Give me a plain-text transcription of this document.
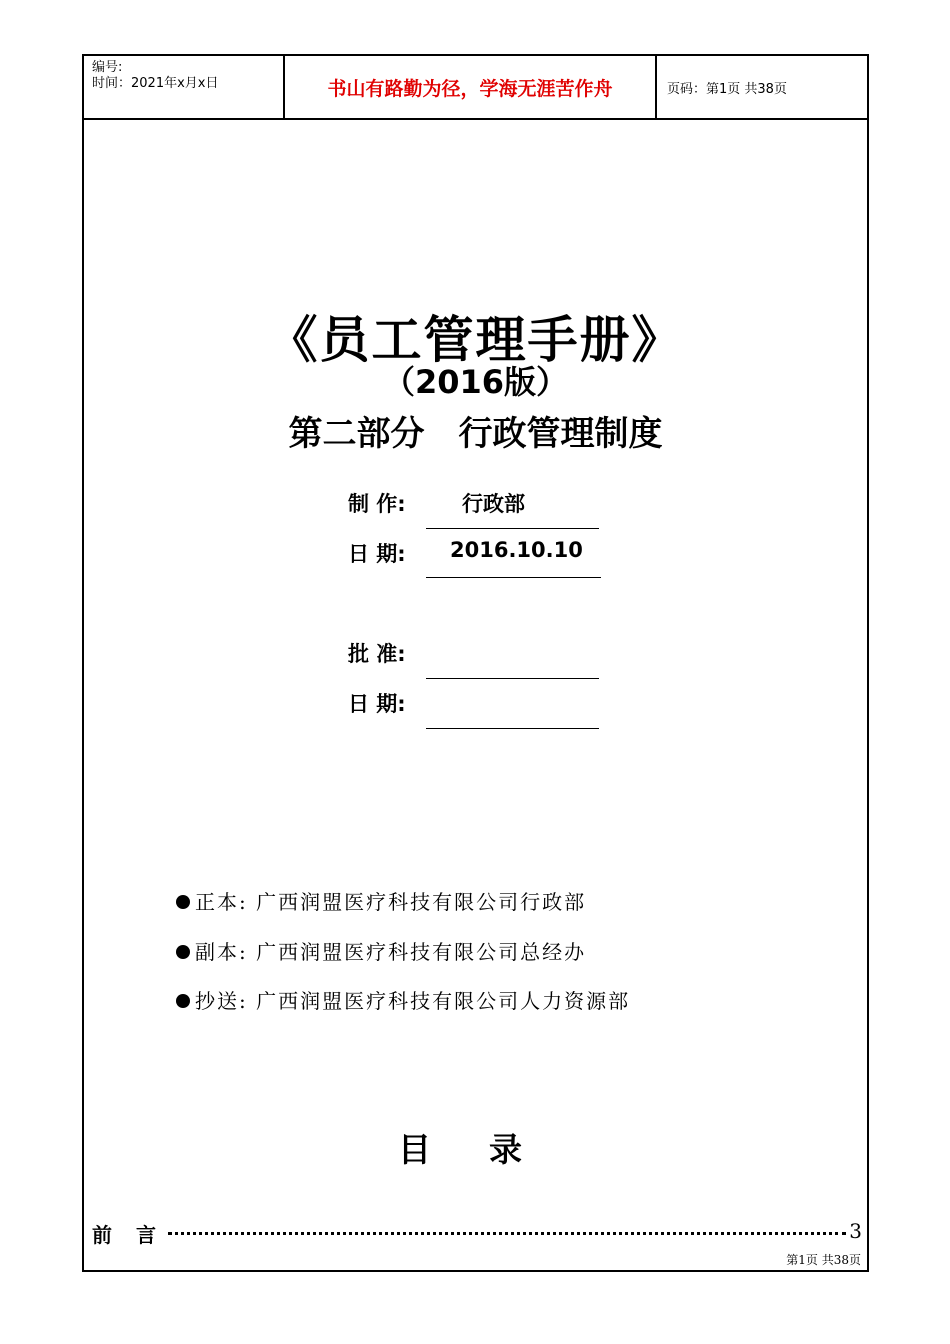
编号:
时间：2021年x月x日	书山有路勤为径，学海无涯苦作舟	页码：第1页 共38页
《员工管理手册》
（2016版）
第二部分　行政管理制度
制 作:	行政部
日 期: 2016.10.10
批 准:
日 期:
正本: 广西润盟医疗科技有限公司行政部
副本: 广西润盟医疗科技有限公司总经办
抄送: 广西润盟医疗科技有限公司人力资源部
目录
前言	3
第1页 共38页
